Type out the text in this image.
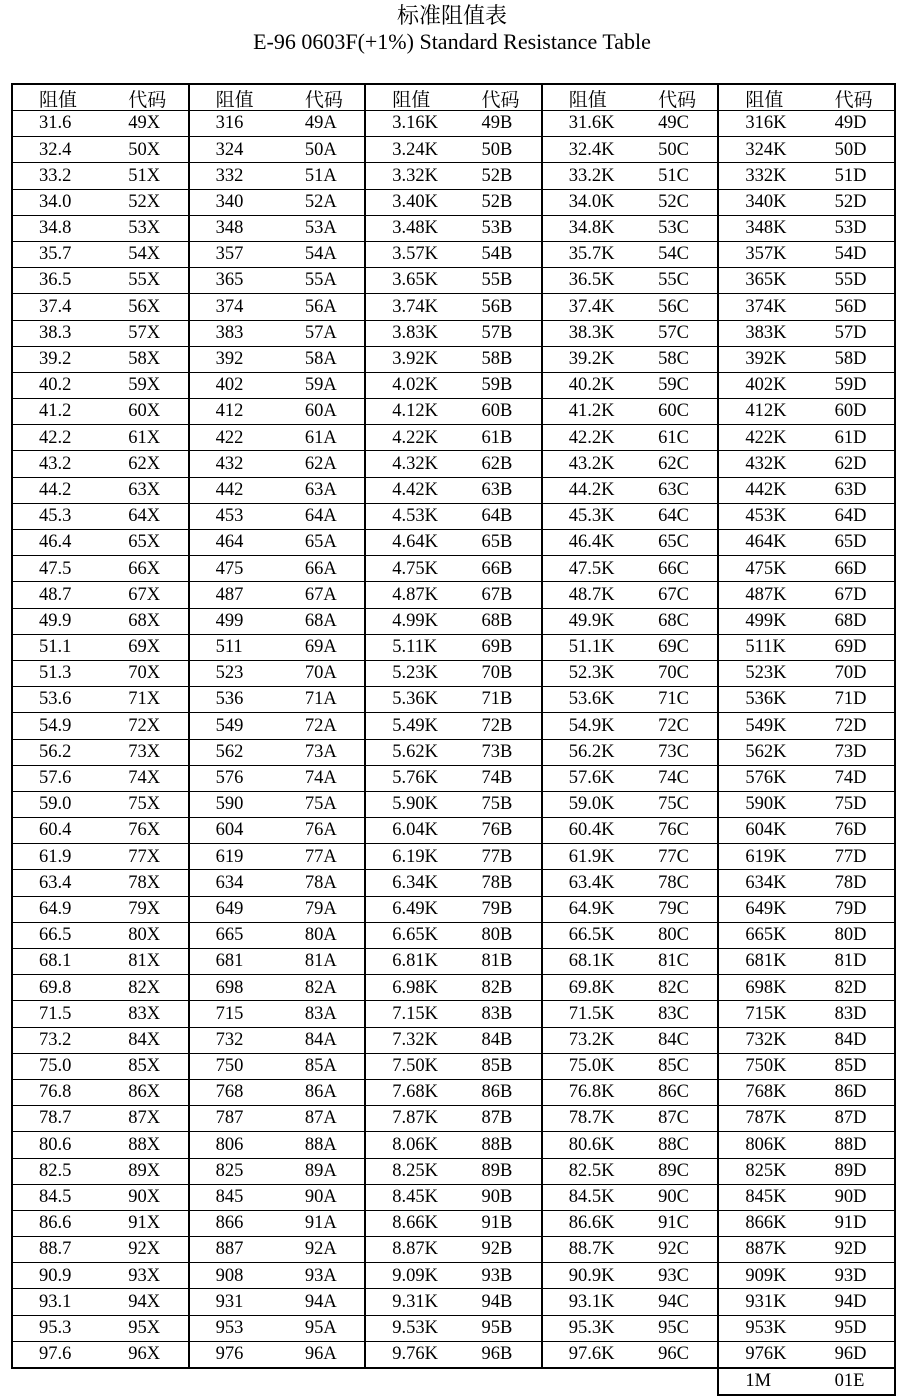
标准阻值表
E-96 0603F(+1%) Standard Resistance Table
阻值	代码	阻值	代码	阻值	代码	阻值	代码	阻值	代码
31.6	49X	316	49A	3.16K	49B	31.6K	49C	316K	49D
32.4	50X	324	50A	3.24K	50B	32.4K	50C	324K	50D
33.2	51X	332	51A	3.32K	52B	33.2K	51C	332K	51D
34.0	52X	340	52A	3.40K	52B	34.0K	52C	340K	52D
34.8	53X	348	53A	3.48K	53B	34.8K	53C	348K	53D
35.7	54X	357	54A	3.57K	54B	35.7K	54C	357K	54D
36.5	55X	365	55A	3.65K	55B	36.5K	55C	365K	55D
37.4	56X	374	56A	3.74K	56B	37.4K	56C	374K	56D
38.3	57X	383	57A	3.83K	57B	38.3K	57C	383K	57D
39.2	58X	392	58A	3.92K	58B	39.2K	58C	392K	58D
40.2	59X	402	59A	4.02K	59B	40.2K	59C	402K	59D
41.2	60X	412	60A	4.12K	60B	41.2K	60C	412K	60D
42.2	61X	422	61A	4.22K	61B	42.2K	61C	422K	61D
43.2	62X	432	62A	4.32K	62B	43.2K	62C	432K	62D
44.2	63X	442	63A	4.42K	63B	44.2K	63C	442K	63D
45.3	64X	453	64A	4.53K	64B	45.3K	64C	453K	64D
46.4	65X	464	65A	4.64K	65B	46.4K	65C	464K	65D
47.5	66X	475	66A	4.75K	66B	47.5K	66C	475K	66D
48.7	67X	487	67A	4.87K	67B	48.7K	67C	487K	67D
49.9	68X	499	68A	4.99K	68B	49.9K	68C	499K	68D
51.1	69X	511	69A	5.11K	69B	51.1K	69C	511K	69D
51.3	70X	523	70A	5.23K	70B	52.3K	70C	523K	70D
53.6	71X	536	71A	5.36K	71B	53.6K	71C	536K	71D
54.9	72X	549	72A	5.49K	72B	54.9K	72C	549K	72D
56.2	73X	562	73A	5.62K	73B	56.2K	73C	562K	73D
57.6	74X	576	74A	5.76K	74B	57.6K	74C	576K	74D
59.0	75X	590	75A	5.90K	75B	59.0K	75C	590K	75D
60.4	76X	604	76A	6.04K	76B	60.4K	76C	604K	76D
61.9	77X	619	77A	6.19K	77B	61.9K	77C	619K	77D
63.4	78X	634	78A	6.34K	78B	63.4K	78C	634K	78D
64.9	79X	649	79A	6.49K	79B	64.9K	79C	649K	79D
66.5	80X	665	80A	6.65K	80B	66.5K	80C	665K	80D
68.1	81X	681	81A	6.81K	81B	68.1K	81C	681K	81D
69.8	82X	698	82A	6.98K	82B	69.8K	82C	698K	82D
71.5	83X	715	83A	7.15K	83B	71.5K	83C	715K	83D
73.2	84X	732	84A	7.32K	84B	73.2K	84C	732K	84D
75.0	85X	750	85A	7.50K	85B	75.0K	85C	750K	85D
76.8	86X	768	86A	7.68K	86B	76.8K	86C	768K	86D
78.7	87X	787	87A	7.87K	87B	78.7K	87C	787K	87D
80.6	88X	806	88A	8.06K	88B	80.6K	88C	806K	88D
82.5	89X	825	89A	8.25K	89B	82.5K	89C	825K	89D
84.5	90X	845	90A	8.45K	90B	84.5K	90C	845K	90D
86.6	91X	866	91A	8.66K	91B	86.6K	91C	866K	91D
88.7	92X	887	92A	8.87K	92B	88.7K	92C	887K	92D
90.9	93X	908	93A	9.09K	93B	90.9K	93C	909K	93D
93.1	94X	931	94A	9.31K	94B	93.1K	94C	931K	94D
95.3	95X	953	95A	9.53K	95B	95.3K	95C	953K	95D
97.6	96X	976	96A	9.76K	96B	97.6K	96C	976K	96D
								1M	01E
